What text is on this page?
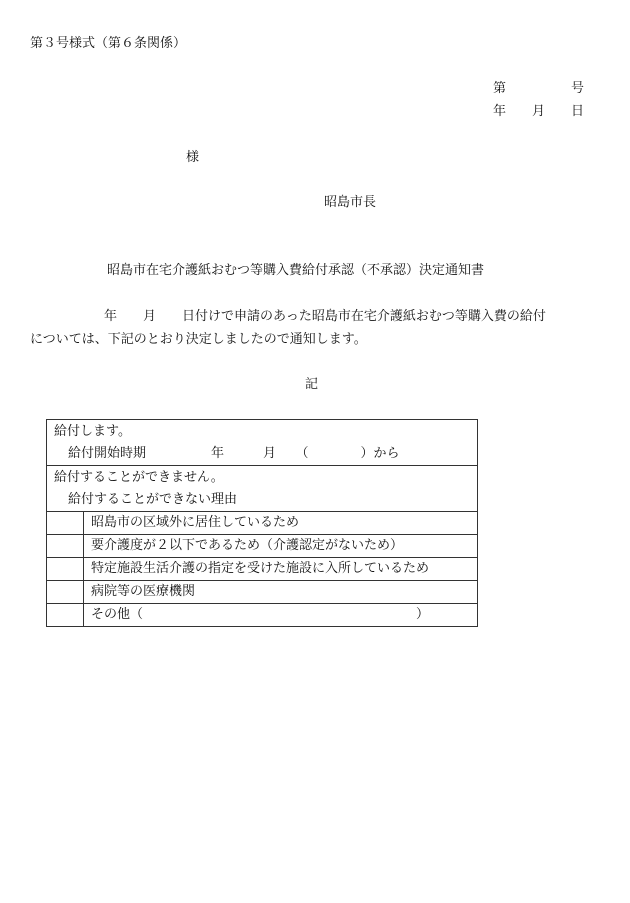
第３号様式（第６条関係）
第　　　　　号
年　　月　　日
様
昭島市長
昭島市在宅介護紙おむつ等購入費給付承認（不承認）決定通知書
年　　月　　日付けで申請のあった昭島市在宅介護紙おむつ等購入費の給付
については、下記のとおり決定しましたので通知します。
記
給付します。
給付開始時期　　　　　年　　　月　　（　　　　）から	

給付することができません。
給付することができない理由	

	昭島市の区域外に居住しているため
	要介護度が２以下であるため（介護認定がないため）
	特定施設生活介護の指定を受けた施設に入所しているため
	病院等の医療機関
	その他（　　　　　　　　　　　　　　　　　　　　　）
